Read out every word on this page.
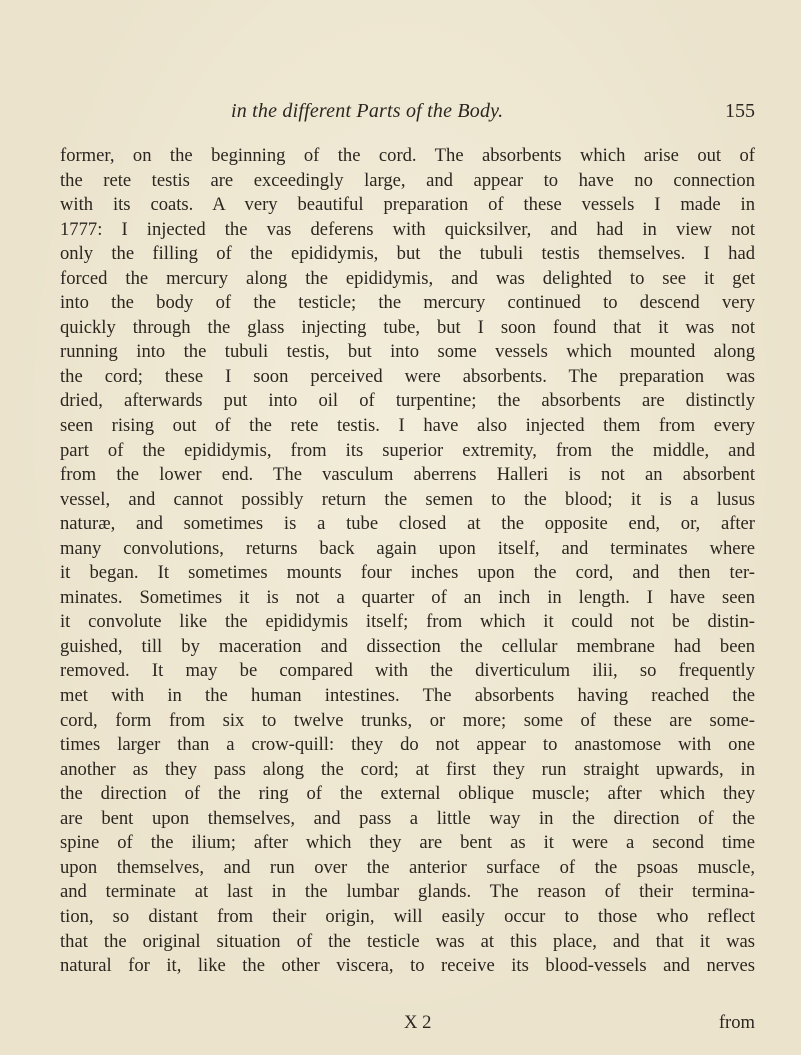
in the different Parts of the Body.	155
former, on the beginning of the cord. The absorbents which arise out of
the rete testis are exceedingly large, and appear to have no connection
with its coats. A very beautiful preparation of these vessels I made in
1777: I injected the vas deferens with quicksilver, and had in view not
only the filling of the epididymis, but the tubuli testis themselves. I had
forced the mercury along the epididymis, and was delighted to see it get
into the body of the testicle; the mercury continued to descend very
quickly through the glass injecting tube, but I soon found that it was not
running into the tubuli testis, but into some vessels which mounted along
the cord; these I soon perceived were absorbents. The preparation was
dried, afterwards put into oil of turpentine; the absorbents are distinctly
seen rising out of the rete testis. I have also injected them from every
part of the epididymis, from its superior extremity, from the middle, and
from the lower end. The vasculum aberrens Halleri is not an absorbent
vessel, and cannot possibly return the semen to the blood; it is a lusus
naturæ, and sometimes is a tube closed at the opposite end, or, after
many convolutions, returns back again upon itself, and terminates where
it began. It sometimes mounts four inches upon the cord, and then ter-
minates. Sometimes it is not a quarter of an inch in length. I have seen
it convolute like the epididymis itself; from which it could not be distin-
guished, till by maceration and dissection the cellular membrane had been
removed. It may be compared with the diverticulum ilii, so frequently
met with in the human intestines. The absorbents having reached the
cord, form from six to twelve trunks, or more; some of these are some-
times larger than a crow-quill: they do not appear to anastomose with one
another as they pass along the cord; at first they run straight upwards, in
the direction of the ring of the external oblique muscle; after which they
are bent upon themselves, and pass a little way in the direction of the
spine of the ilium; after which they are bent as it were a second time
upon themselves, and run over the anterior surface of the psoas muscle,
and terminate at last in the lumbar glands. The reason of their termina-
tion, so distant from their origin, will easily occur to those who reflect
that the original situation of the testicle was at this place, and that it was
natural for it, like the other viscera, to receive its blood-vessels and nerves
X 2	from
